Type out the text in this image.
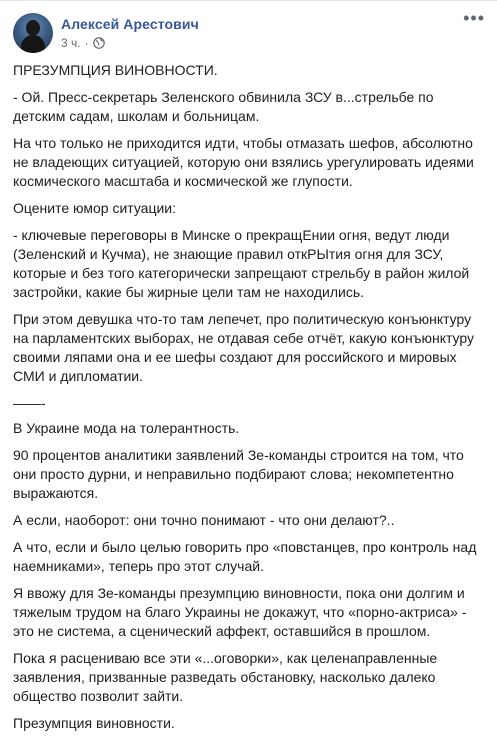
Алексей Арестович
3 ч. ·
•••

ПРЕЗУМПЦИЯ ВИНОВНОСТИ.

- Ой. Пресс-секретарь Зеленского обвинила ЗСУ в...стрельбе по детским садам, школам и больницам.

На что только не приходится идти, чтобы отмазать шефов, абсолютно не владеющих ситуацией, которую они взялись урегулировать идеями космического масштаба и космической же глупости.

Оцените юмор ситуации:

- ключевые переговоры в Минске о прекращЕнии огня, ведут люди (Зеленский и Кучма), не знающие правил откРЫтия огня для ЗСУ, которые и без того категорически запрещают стрельбу в район жилой застройки, какие бы жирные цели там не находились.

При этом девушка что-то там лепечет, про политическую конъюнктуру на парламентских выборах, не отдавая себе отчёт, какую конъюнктуру своими ляпами она и ее шефы создают для российского и мировых СМИ и дипломатии.

——-

В Украине мода на толерантность.

90 процентов аналитики заявлений Зе-команды строится на том, что они просто дурни, и неправильно подбирают слова; некомпетентно выражаются.

А если, наоборот: они точно понимают - что они делают?..

А что, если и было целью говорить про «повстанцев, про контроль над наемниками», теперь про этот случай.

Я ввожу для Зе-команды презумпцию виновности, пока они долгим и тяжелым трудом на благо Украины не докажут, что «порно-актриса» - это не система, а сценический аффект, оставшийся в прошлом.

Пока я расцениваю все эти «...оговорки», как целенаправленные заявления, призванные разведать обстановку, насколько далеко общество позволит зайти.

Презумпция виновности.
